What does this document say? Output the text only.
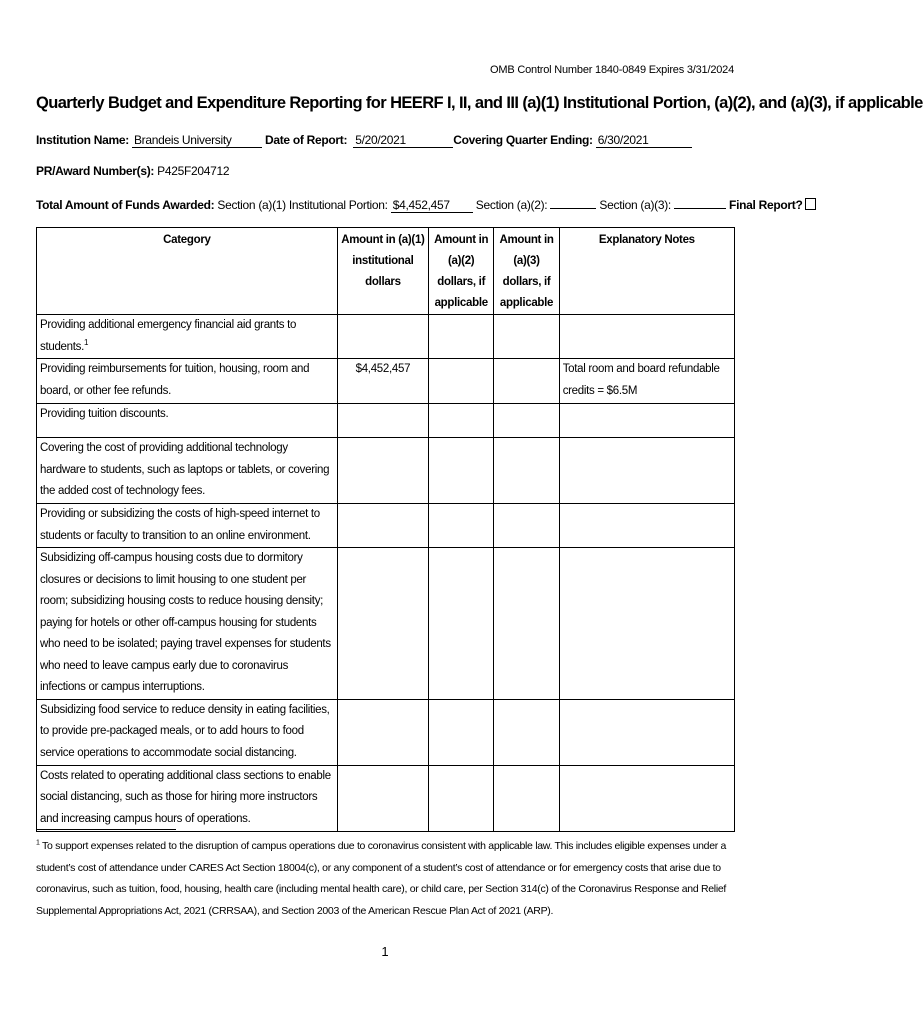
OMB Control Number 1840-0849 Expires 3/31/2024
Quarterly Budget and Expenditure Reporting for HEERF I, II, and III (a)(1) Institutional Portion, (a)(2), and (a)(3), if applicable
Institution Name: Brandeis University	Date of Report: 5/20/2021	Covering Quarter Ending: 6/30/2021
PR/Award Number(s): P425F204712
Total Amount of Funds Awarded: Section (a)(1) Institutional Portion: $4,452,457 Section (a)(2):	Section (a)(3):	Final Report?
Category	Amount in (a)(1) institutional dollars	Amount in (a)(2) dollars, if applicable	Amount in (a)(3) dollars, if applicable	Explanatory Notes
Providing additional emergency financial aid grants to students.$^1$				
Providing reimbursements for tuition, housing, room and board, or other fee refunds.	$4,452,457			Total room and board refundable credits = $6.5M
Providing tuition discounts.				
Covering the cost of providing additional technology hardware to students, such as laptops or tablets, or covering the added cost of technology fees.				
Providing or subsidizing the costs of high-speed internet to students or faculty to transition to an online environment.				
Subsidizing off-campus housing costs due to dormitory closures or decisions to limit housing to one student per room; subsidizing housing costs to reduce housing density; paying for hotels or other off-campus housing for students who need to be isolated; paying travel expenses for students who need to leave campus early due to coronavirus infections or campus interruptions.				
Subsidizing food service to reduce density in eating facilities, to provide pre-packaged meals, or to add hours to food service operations to accommodate social distancing.				
Costs related to operating additional class sections to enable social distancing, such as those for hiring more instructors and increasing campus hours of operations.				
$^1$ To support expenses related to the disruption of campus operations due to coronavirus consistent with applicable law. This includes eligible expenses under a student’s cost of attendance under CARES Act Section 18004(c), or any component of a student’s cost of attendance or for emergency costs that arise due to coronavirus, such as tuition, food, housing, health care (including mental health care), or child care, per Section 314(c) of the Coronavirus Response and Relief Supplemental Appropriations Act, 2021 (CRRSAA), and Section 2003 of the American Rescue Plan Act of 2021 (ARP).
1
